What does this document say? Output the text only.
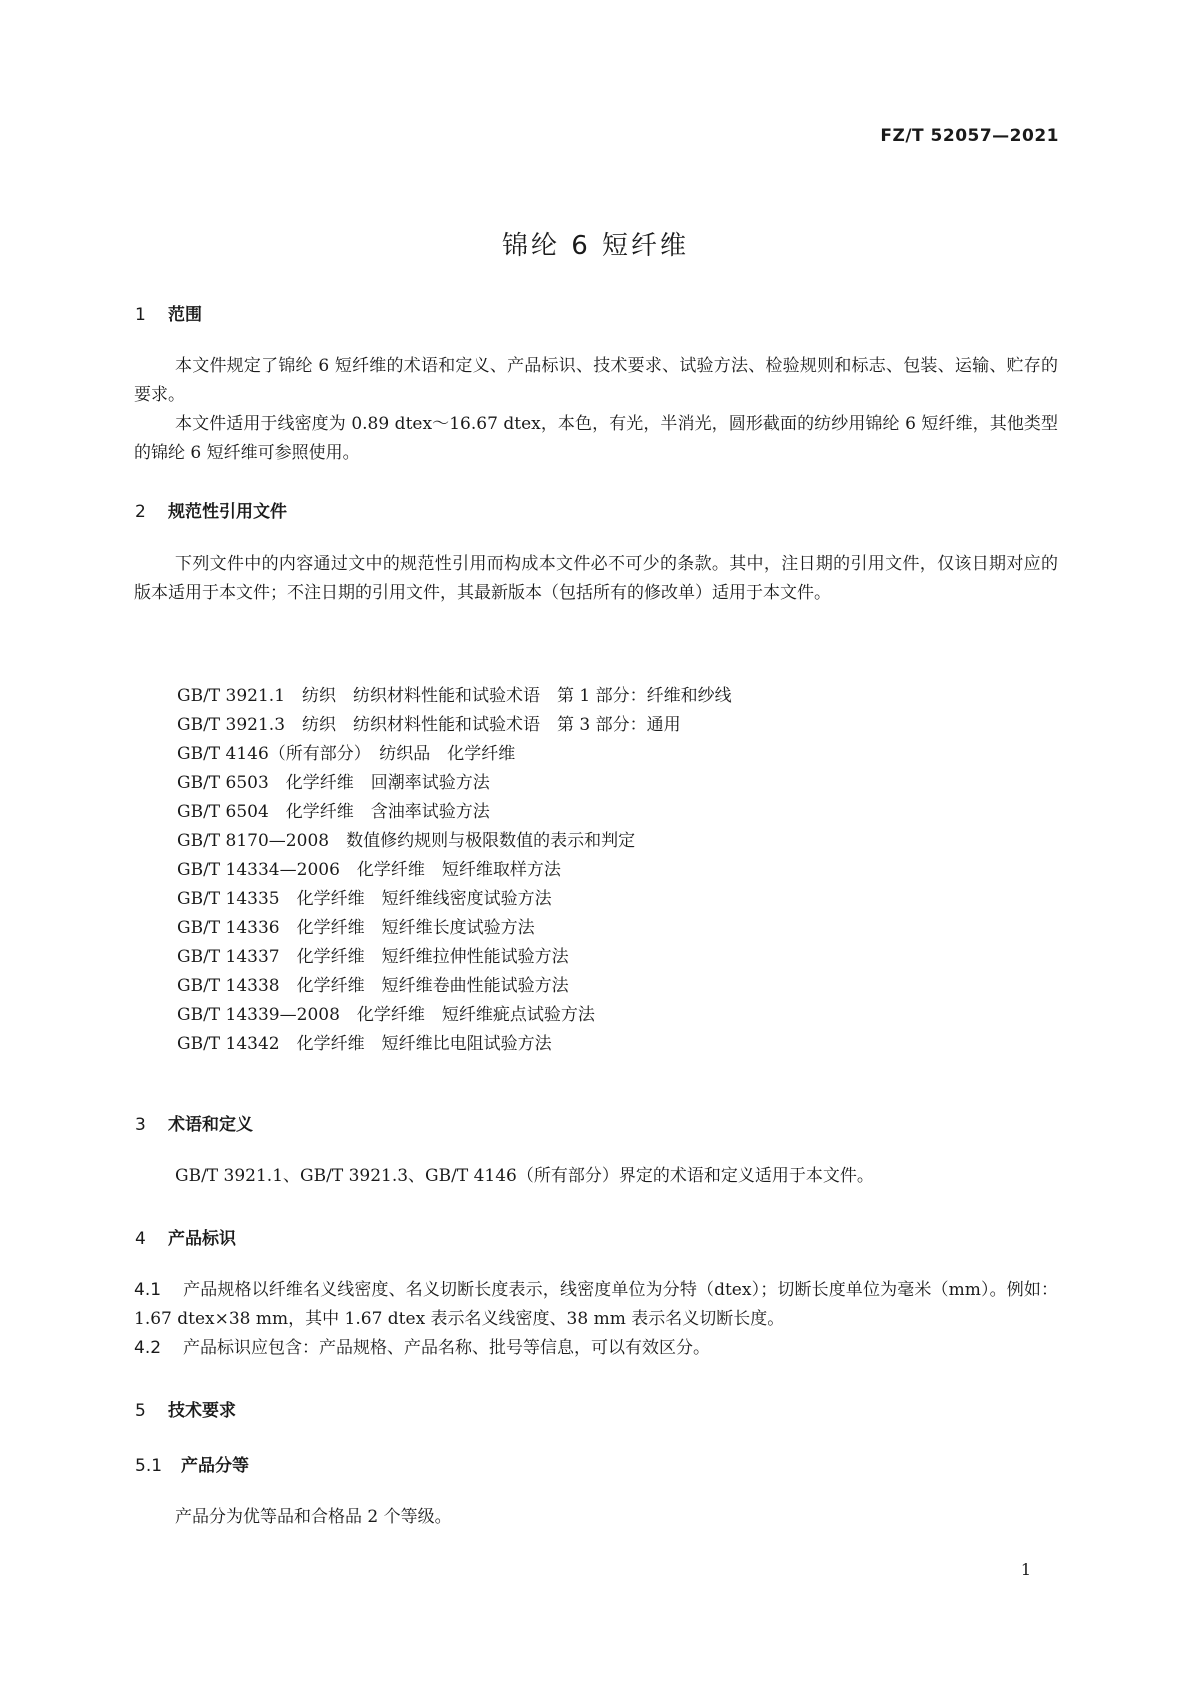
FZ/T 52057—2021
锦纶 6 短纤维
1 范围
本文件规定了锦纶 6 短纤维的术语和定义、产品标识、技术要求、试验方法、检验规则和标志、包装、运输、贮存的要求。
本文件适用于线密度为 0.89 dtex～16.67 dtex，本色，有光，半消光，圆形截面的纺纱用锦纶 6 短纤维，其他类型的锦纶 6 短纤维可参照使用。
2 规范性引用文件
下列文件中的内容通过文中的规范性引用而构成本文件必不可少的条款。其中，注日期的引用文件，仅该日期对应的版本适用于本文件；不注日期的引用文件，其最新版本（包括所有的修改单）适用于本文件。
GB/T 3921.1　纺织　纺织材料性能和试验术语　第 1 部分：纤维和纱线
GB/T 3921.3　纺织　纺织材料性能和试验术语　第 3 部分：通用
GB/T 4146（所有部分）　纺织品　化学纤维
GB/T 6503　化学纤维　回潮率试验方法
GB/T 6504　化学纤维　含油率试验方法
GB/T 8170—2008　数值修约规则与极限数值的表示和判定
GB/T 14334—2006　化学纤维　短纤维取样方法
GB/T 14335　化学纤维　短纤维线密度试验方法
GB/T 14336　化学纤维　短纤维长度试验方法
GB/T 14337　化学纤维　短纤维拉伸性能试验方法
GB/T 14338　化学纤维　短纤维卷曲性能试验方法
GB/T 14339—2008　化学纤维　短纤维疵点试验方法
GB/T 14342　化学纤维　短纤维比电阻试验方法
3 术语和定义
GB/T 3921.1、GB/T 3921.3、GB/T 4146（所有部分）界定的术语和定义适用于本文件。
4 产品标识
4.1 产品规格以纤维名义线密度、名义切断长度表示，线密度单位为分特（dtex）；切断长度单位为毫米（mm）。例如：1.67 dtex×38 mm，其中 1.67 dtex 表示名义线密度、38 mm 表示名义切断长度。
4.2 产品标识应包含：产品规格、产品名称、批号等信息，可以有效区分。
5 技术要求
5.1 产品分等
产品分为优等品和合格品 2 个等级。
1
